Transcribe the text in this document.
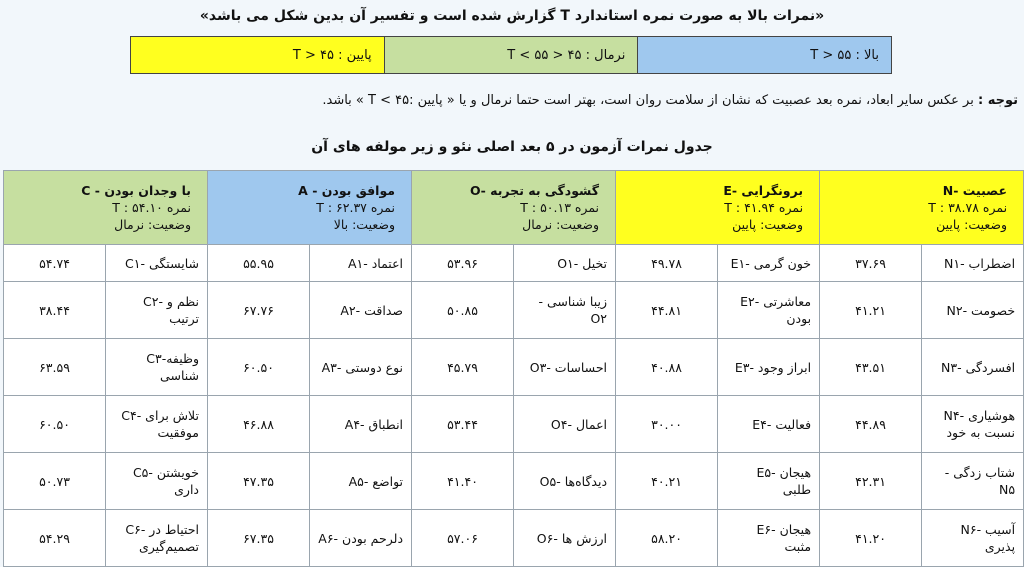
«نمرات بالا به صورت نمره استاندارد T گزارش شده است و تفسیر آن بدین شکل می باشد»
بالا : ۵۵ < T
نرمال : ۴۵ < T < ۵۵
پایین : ۴۵ < T
توجه : بر عکس سایر ابعاد، نمره بعد عصبیت که نشان از سلامت روان است، بهتر است حتما نرمال و یا « پایین :T < ۴۵ » باشد.
جدول نمرات آزمون در ۵ بعد اصلی نئو و زیر مولفه های آن
عصبیت -N
نمره T : ۳۸.۷۸
وضعیت: پایین		برونگرایی -E
نمره T : ۴۱.۹۴
وضعیت: پایین		گشودگی به تجربه -O
نمره T : ۵۰.۱۳
وضعیت: نرمال		موافق بودن - A
نمره T : ۶۲.۳۷
وضعیت: بالا		با وجدان بودن - C
نمره T : ۵۴.۱۰
وضعیت: نرمال	

اضطراب -N۱	۳۷.۶۹	خون گرمی -E۱	۴۹.۷۸	تخیل -O۱	۵۳.۹۶	اعتماد -A۱	۵۵.۹۵	شایستگی -C۱	۵۴.۷۴
خصومت -N۲	۴۱.۲۱	معاشرتی -E۲ بودن	۴۴.۸۱	زیبا شناسی -O۲	۵۰.۸۵	صداقت -A۲	۶۷.۷۶	نظم و -C۲ ترتیب	۳۸.۴۴
افسردگی -N۳	۴۳.۵۱	ابراز وجود -E۳	۴۰.۸۸	احساسات -O۳	۴۵.۷۹	نوع دوستی -A۳	۶۰.۵۰	وظیفه-C۳ شناسی	۶۳.۵۹
هوشیاری -N۴ نسبت به خود	۴۴.۸۹	فعالیت -E۴	۳۰.۰۰	اعمال -O۴	۵۳.۴۴	انطباق -A۴	۴۶.۸۸	تلاش برای -C۴ موفقیت	۶۰.۵۰
شتاب زدگی -N۵	۴۲.۳۱	هیجان -E۵ طلبی	۴۰.۲۱	دیدگاه‌ها -O۵	۴۱.۴۰	تواضع -A۵	۴۷.۳۵	خویشتن -C۵ داری	۵۰.۷۳
آسیب -N۶ پذیری	۴۱.۲۰	هیجان -E۶ مثبت	۵۸.۲۰	ارزش ها -O۶	۵۷.۰۶	دلرحم بودن -A۶	۶۷.۳۵	احتیاط در -C۶ تصمیم‌گیری	۵۴.۲۹
